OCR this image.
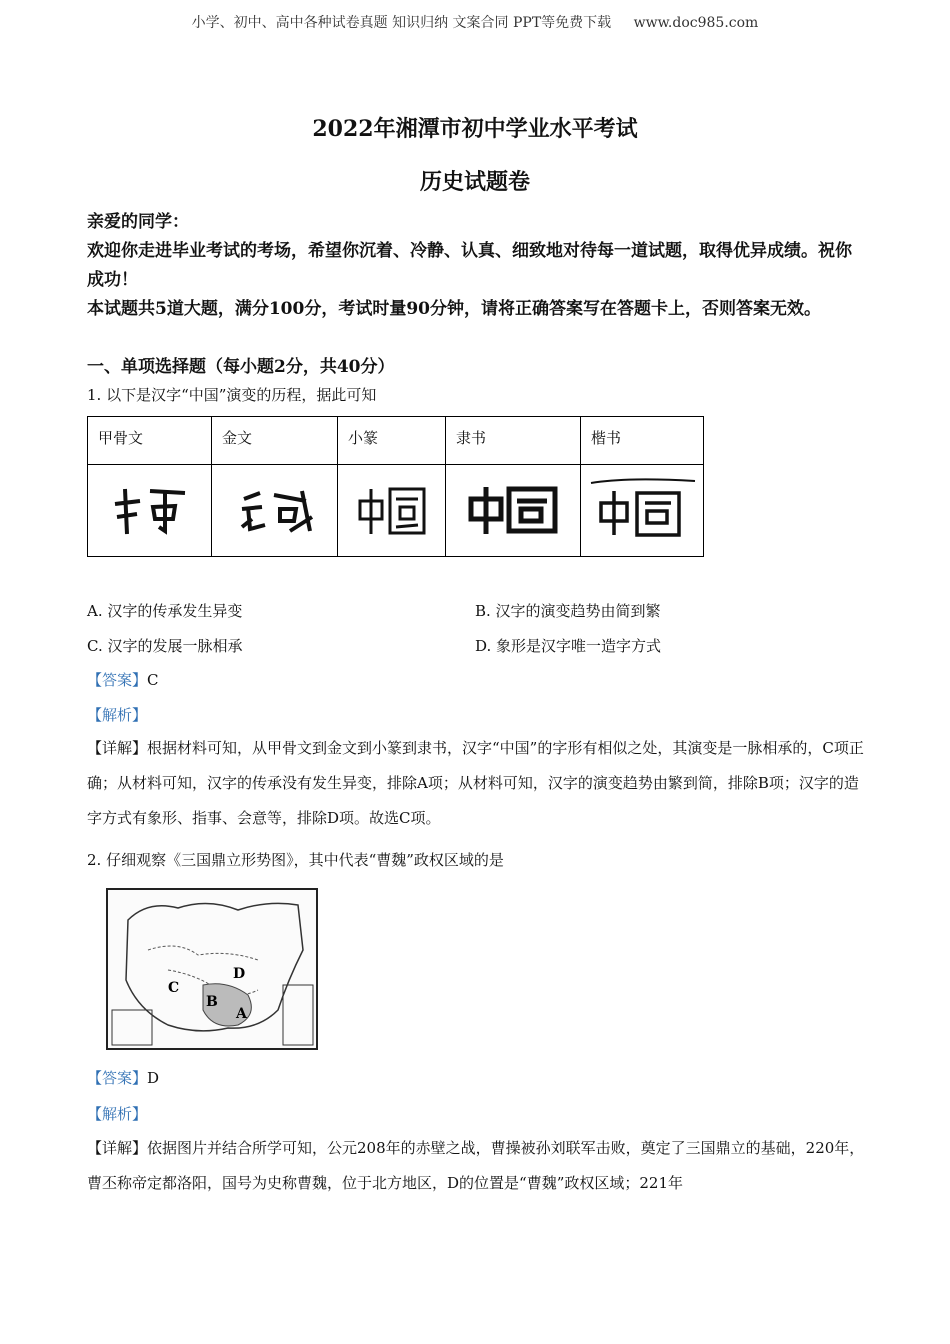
小学、初中、高中各种试卷真题 知识归纳 文案合同 PPT等免费下载 www.doc985.com
2022年湘潭市初中学业水平考试
历史试题卷
亲爱的同学：
欢迎你走进毕业考试的考场，希望你沉着、冷静、认真、细致地对待每一道试题，取得优异成绩。祝你成功！
本试题共5道大题，满分100分，考试时量90分钟，请将正确答案写在答题卡上，否则答案无效。
一、单项选择题（每小题2分，共40分）
1. 以下是汉字“中国”演变的历程，据此可知
甲骨文	金文	小篆	隶书	楷书

A. 汉字的传承发生异变	B. 汉字的演变趋势由简到繁
C. 汉字的发展一脉相承	D. 象形是汉字唯一造字方式
【答案】C
【解析】
【详解】根据材料可知，从甲骨文到金文到小篆到隶书，汉字“中国”的字形有相似之处，其演变是一脉相承的，C项正确；从材料可知，汉字的传承没有发生异变，排除A项；从材料可知，汉字的演变趋势由繁到简，排除B项；汉字的造字方式有象形、指事、会意等，排除D项。故选C项。
2. 仔细观察《三国鼎立形势图》，其中代表“曹魏”政权区域的是
D
C
B
A
【答案】D
【解析】
【详解】依据图片并结合所学可知，公元208年的赤壁之战，曹操被孙刘联军击败，奠定了三国鼎立的基础，220年，曹丕称帝定都洛阳，国号为史称曹魏，位于北方地区，D的位置是“曹魏”政权区域；221年
